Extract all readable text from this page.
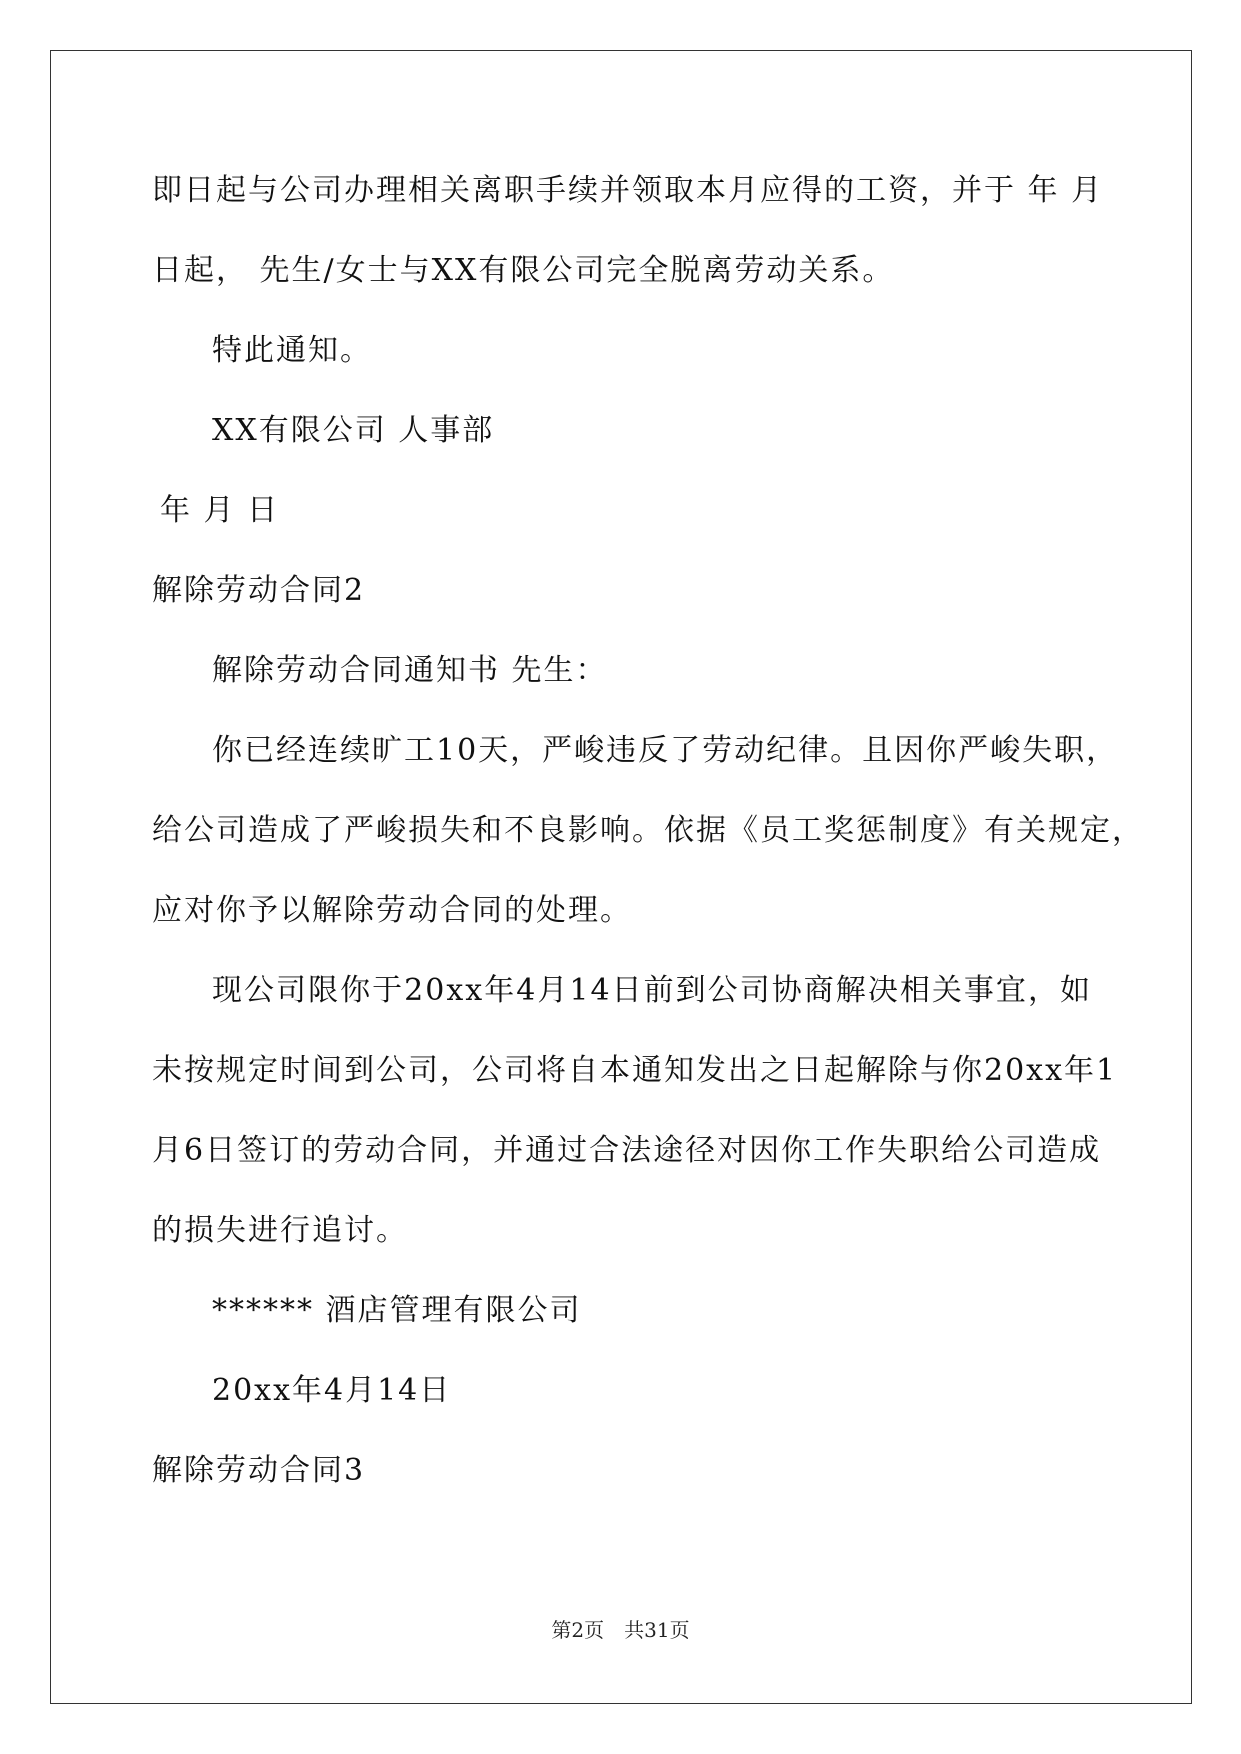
即日起与公司办理相关离职手续并领取本月应得的工资，并于 年 月
日起， 先生/女士与XX有限公司完全脱离劳动关系。
特此通知。
XX有限公司 人事部
年 月 日
解除劳动合同2
解除劳动合同通知书 先生：
你已经连续旷工10天，严峻违反了劳动纪律。且因你严峻失职，
给公司造成了严峻损失和不良影响。依据《员工奖惩制度》有关规定，
应对你予以解除劳动合同的处理。
现公司限你于20xx年4月14日前到公司协商解决相关事宜，如
未按规定时间到公司，公司将自本通知发出之日起解除与你20xx年1
月6日签订的劳动合同，并通过合法途径对因你工作失职给公司造成
的损失进行追讨。
****** 酒店管理有限公司
20xx年4月14日
解除劳动合同3
第2页　共31页
